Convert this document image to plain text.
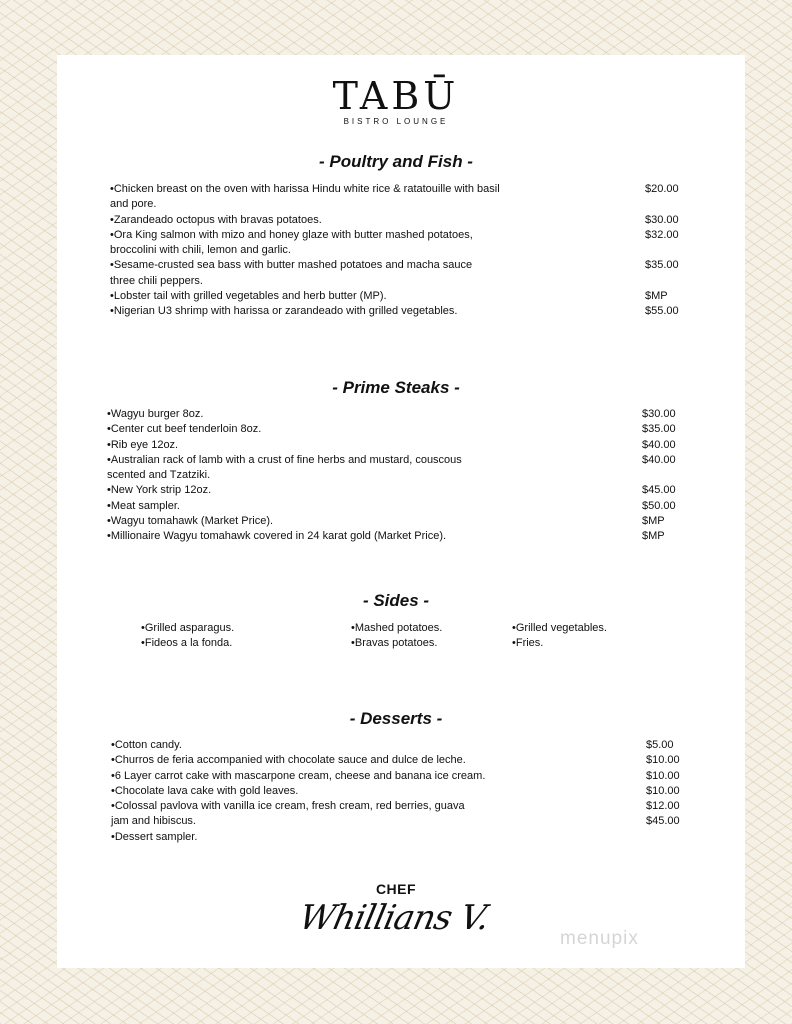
TABŪ
BISTRO LOUNGE
- Poultry and Fish -
•Chicken breast on the oven with harissa Hindu white rice & ratatouille with basil	$20.00
and pore.
•Zarandeado octopus with bravas potatoes.	$30.00
•Ora King salmon with mizo and honey glaze with butter mashed potatoes,	$32.00
broccolini with chili, lemon and garlic.
•Sesame-crusted sea bass with butter mashed potatoes and macha sauce	$35.00
three chili peppers.
•Lobster tail with grilled vegetables and herb butter (MP).	$MP
•Nigerian U3 shrimp with harissa or zarandeado with grilled vegetables.	$55.00
- Prime Steaks -
•Wagyu burger 8oz.	$30.00
•Center cut beef tenderloin 8oz.	$35.00
•Rib eye 12oz.	$40.00
•Australian rack of lamb with a crust of fine herbs and mustard, couscous	$40.00
scented and Tzatziki.
•New York strip 12oz.	$45.00
•Meat sampler.	$50.00
•Wagyu tomahawk (Market Price).	$MP
•Millionaire Wagyu tomahawk covered in 24 karat gold (Market Price).	$MP
- Sides -
•Grilled asparagus.
•Fideos a la fonda.
•Mashed potatoes.
•Bravas potatoes.
•Grilled vegetables.
•Fries.
- Desserts -
•Cotton candy.	$5.00
•Churros de feria accompanied with chocolate sauce and dulce de leche.	$10.00
•6 Layer carrot cake with mascarpone cream, cheese and banana ice cream.	$10.00
•Chocolate lava cake with gold leaves.	$10.00
•Colossal pavlova with vanilla ice cream, fresh cream, red berries, guava	$12.00
jam and hibiscus.	$45.00
•Dessert sampler.
CHEF
Whillians V.
menupix
